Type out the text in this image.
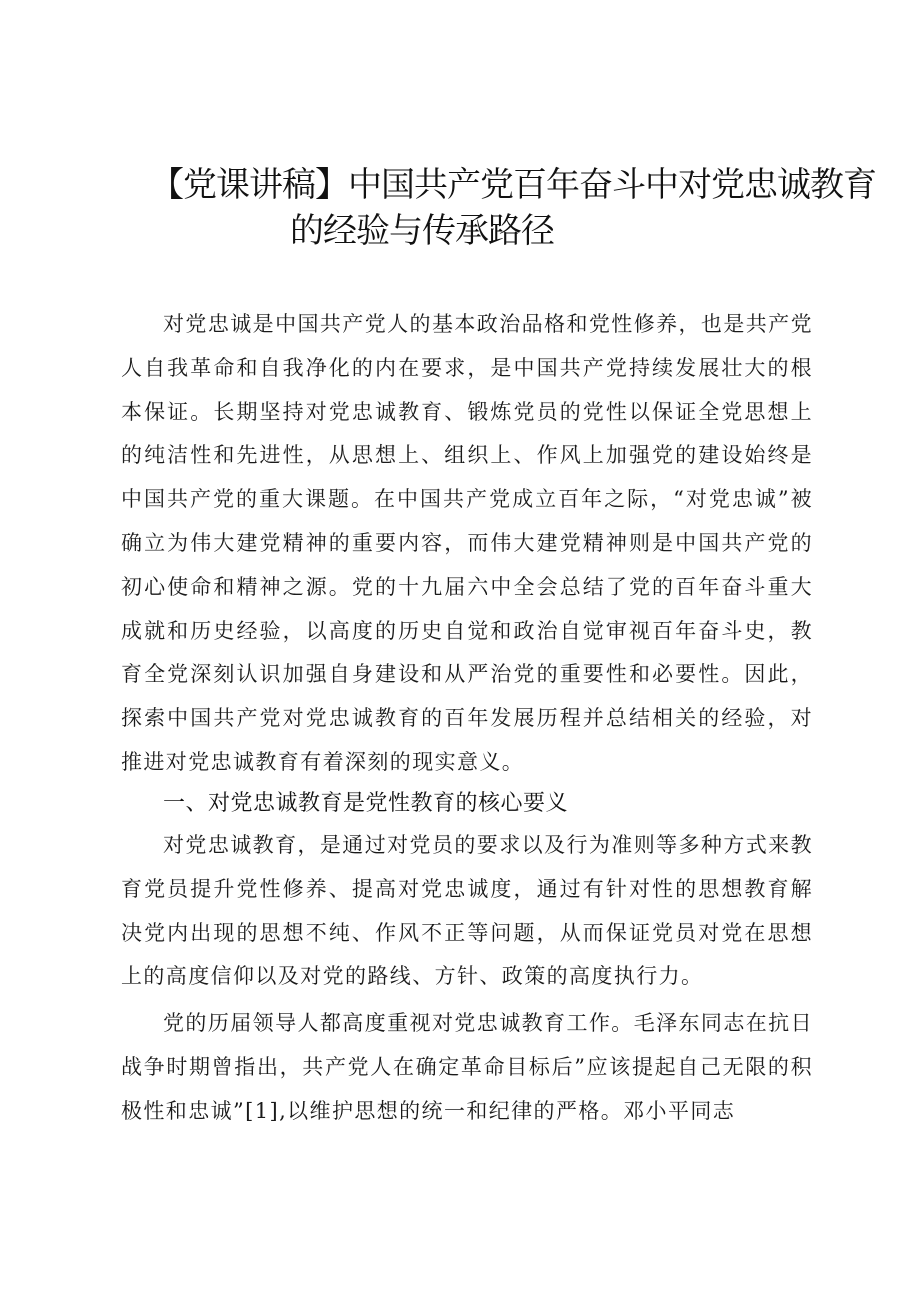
【党课讲稿】中国共产党百年奋斗中对党忠诚教育
的经验与传承路径

对党忠诚是中国共产党人的基本政治品格和党性修养，也是共产党人自我革命和自我净化的内在要求，是中国共产党持续发展壮大的根本保证。长期坚持对党忠诚教育、锻炼党员的党性以保证全党思想上的纯洁性和先进性，从思想上、组织上、作风上加强党的建设始终是中国共产党的重大课题。在中国共产党成立百年之际，“对党忠诚”被确立为伟大建党精神的重要内容，而伟大建党精神则是中国共产党的初心使命和精神之源。党的十九届六中全会总结了党的百年奋斗重大成就和历史经验，以高度的历史自觉和政治自觉审视百年奋斗史，教育全党深刻认识加强自身建设和从严治党的重要性和必要性。因此，探索中国共产党对党忠诚教育的百年发展历程并总结相关的经验，对推进对党忠诚教育有着深刻的现实意义。

一、对党忠诚教育是党性教育的核心要义

对党忠诚教育，是通过对党员的要求以及行为准则等多种方式来教育党员提升党性修养、提高对党忠诚度，通过有针对性的思想教育解决党内出现的思想不纯、作风不正等问题，从而保证党员对党在思想上的高度信仰以及对党的路线、方针、政策的高度执行力。

党的历届领导人都高度重视对党忠诚教育工作。毛泽东同志在抗日战争时期曾指出，共产党人在确定革命目标后”应该提起自己无限的积极性和忠诚”[1],以维护思想的统一和纪律的严格。邓小平同志
